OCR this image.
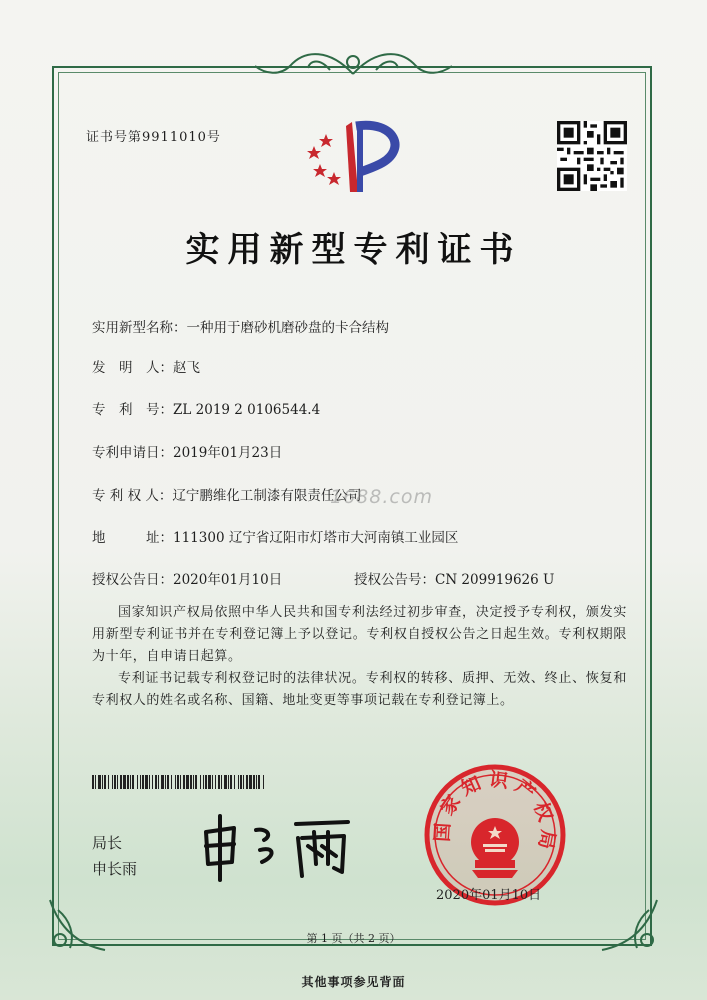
证书号第9911010号
实用新型专利证书
实用新型名称：一种用于磨砂机磨砂盘的卡合结构
发　明　人：赵飞
专　利　号：ZL 2019 2 0106544.4
专利申请日：2019年01月23日
专 利 权 人：辽宁鹏维化工制漆有限责任公司
地　　　址：111300 辽宁省辽阳市灯塔市大河南镇工业园区
授权公告日：2020年01月10日	授权公告号：CN 209919626 U
1688.com
国家知识产权局依照中华人民共和国专利法经过初步审查，决定授予专利权，颁发实用新型专利证书并在专利登记簿上予以登记。专利权自授权公告之日起生效。专利权期限为十年，自申请日起算。
专利证书记载专利权登记时的法律状况。专利权的转移、质押、无效、终止、恢复和专利权人的姓名或名称、国籍、地址变更等事项记载在专利登记簿上。
局长
申长雨
国家知识产权局
2020年01月10日
第 1 页（共 2 页）
其他事项参见背面
